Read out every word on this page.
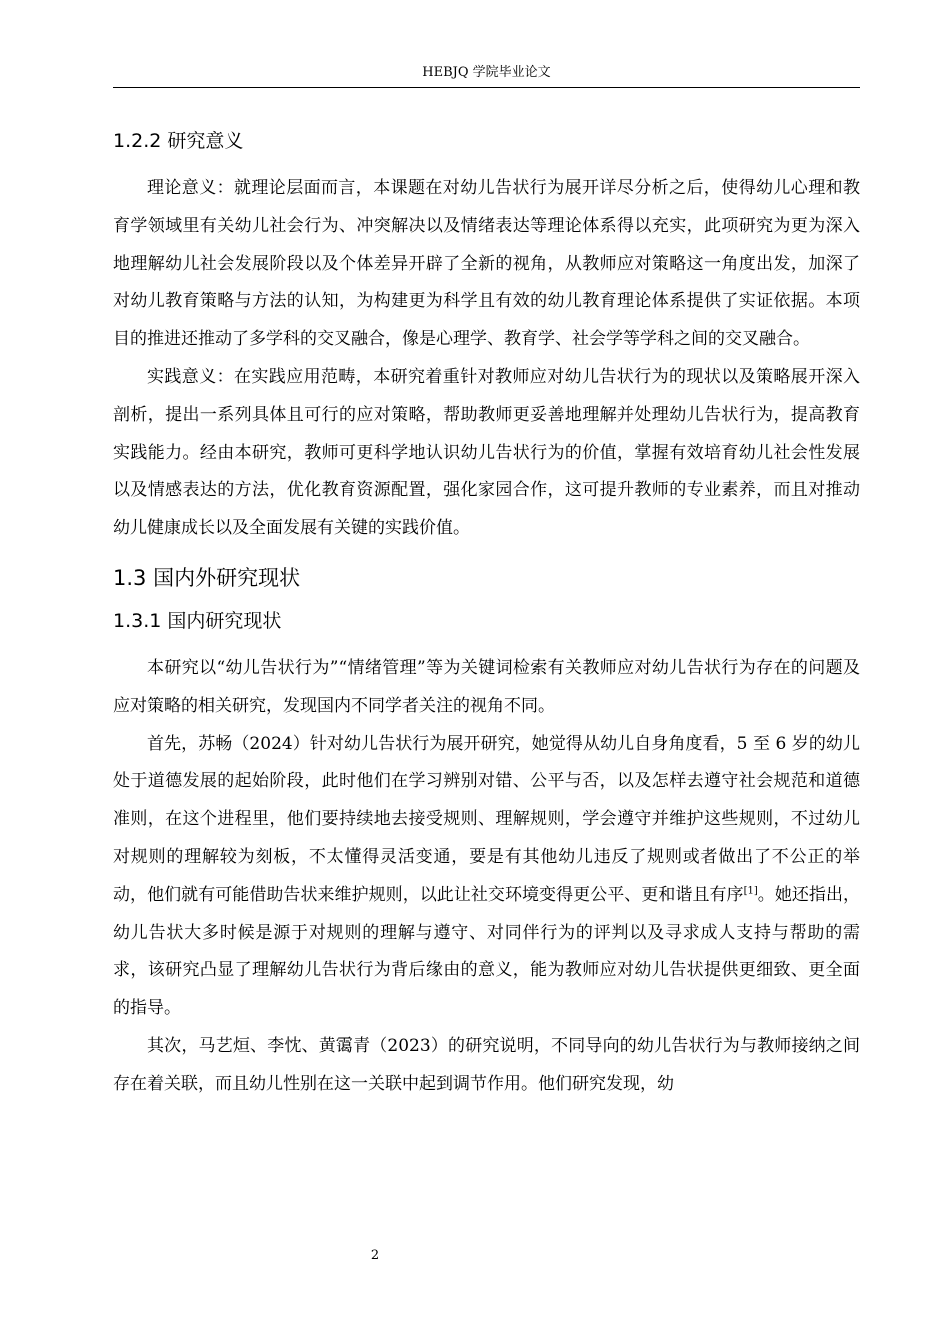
HEBJQ 学院毕业论文
1.2.2 研究意义

理论意义：就理论层面而言，本课题在对幼儿告状行为展开详尽分析之后，使得幼儿心理和教育学领域里有关幼儿社会行为、冲突解决以及情绪表达等理论体系得以充实，此项研究为更为深入地理解幼儿社会发展阶段以及个体差异开辟了全新的视角，从教师应对策略这一角度出发，加深了对幼儿教育策略与方法的认知，为构建更为科学且有效的幼儿教育理论体系提供了实证依据。本项目的推进还推动了多学科的交叉融合，像是心理学、教育学、社会学等学科之间的交叉融合。

实践意义：在实践应用范畴，本研究着重针对教师应对幼儿告状行为的现状以及策略展开深入剖析，提出一系列具体且可行的应对策略，帮助教师更妥善地理解并处理幼儿告状行为，提高教育实践能力。经由本研究，教师可更科学地认识幼儿告状行为的价值，掌握有效培育幼儿社会性发展以及情感表达的方法，优化教育资源配置，强化家园合作，这可提升教师的专业素养，而且对推动幼儿健康成长以及全面发展有关键的实践价值。

1.3 国内外研究现状
1.3.1 国内研究现状

本研究以“幼儿告状行为”“情绪管理”等为关键词检索有关教师应对幼儿告状行为存在的问题及应对策略的相关研究，发现国内不同学者关注的视角不同。

首先，苏畅（2024）针对幼儿告状行为展开研究，她觉得从幼儿自身角度看，5 至 6 岁的幼儿处于道德发展的起始阶段，此时他们在学习辨别对错、公平与否，以及怎样去遵守社会规范和道德准则，在这个进程里，他们要持续地去接受规则、理解规则，学会遵守并维护这些规则，不过幼儿对规则的理解较为刻板，不太懂得灵活变通，要是有其他幼儿违反了规则或者做出了不公正的举动，他们就有可能借助告状来维护规则，以此让社交环境变得更公平、更和谐且有序[1]。她还指出，幼儿告状大多时候是源于对规则的理解与遵守、对同伴行为的评判以及寻求成人支持与帮助的需求，该研究凸显了理解幼儿告状行为背后缘由的意义，能为教师应对幼儿告状提供更细致、更全面的指导。

其次，马艺烜、李忱、黄霭青（2023）的研究说明，不同导向的幼儿告状行为与教师接纳之间存在着关联，而且幼儿性别在这一关联中起到调节作用。他们研究发现，幼

2
